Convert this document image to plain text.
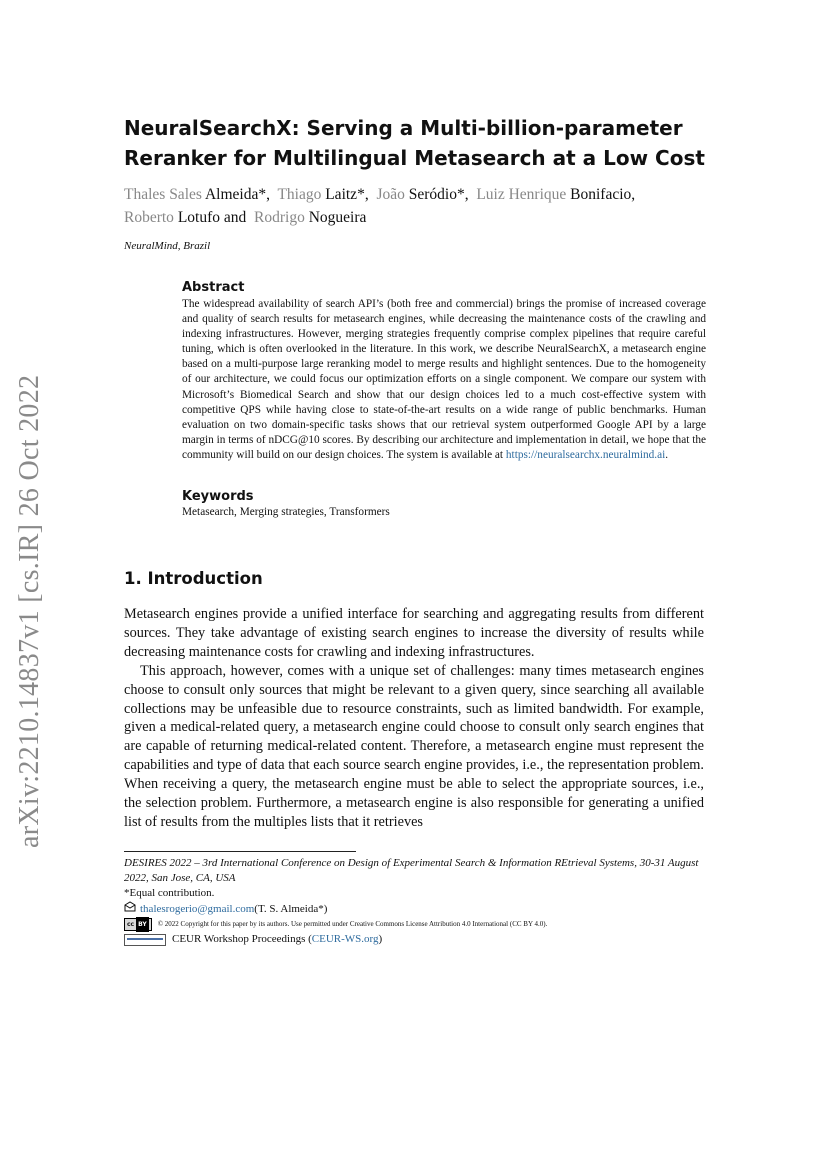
arXiv:2210.14837v1 [cs.IR] 26 Oct 2022
NeuralSearchX: Serving a Multi-billion-parameter
Reranker for Multilingual Metasearch at a Low Cost
Thales Sales Almeida*, Thiago Laitz*, João Seródio*, Luiz Henrique Bonifacio,
Roberto Lotufo and Rodrigo Nogueira
NeuralMind, Brazil
Abstract

The widespread availability of search API’s (both free and commercial) brings the promise of increased coverage and quality of search results for metasearch engines, while decreasing the maintenance costs of the crawling and indexing infrastructures. However, merging strategies frequently comprise complex pipelines that require careful tuning, which is often overlooked in the literature. In this work, we describe NeuralSearchX, a metasearch engine based on a multi-purpose large reranking model to merge results and highlight sentences. Due to the homogeneity of our architecture, we could focus our optimization efforts on a single component. We compare our system with Microsoft’s Biomedical Search and show that our design choices led to a much cost-effective system with competitive QPS while having close to state-of-the-art results on a wide range of public benchmarks. Human evaluation on two domain-specific tasks shows that our retrieval system outperformed Google API by a large margin in terms of nDCG@10 scores. By describing our architecture and implementation in detail, we hope that the community will build on our design choices. The system is available at https://neuralsearchx.neuralmind.ai.

Keywords

Metasearch, Merging strategies, Transformers

1. Introduction

Metasearch engines provide a unified interface for searching and aggregating results from different sources. They take advantage of existing search engines to increase the diversity of results while decreasing maintenance costs for crawling and indexing infrastructures.

This approach, however, comes with a unique set of challenges: many times metasearch engines choose to consult only sources that might be relevant to a given query, since searching all available collections may be unfeasible due to resource constraints, such as limited bandwidth. For example, given a medical-related query, a metasearch engine could choose to consult only search engines that are capable of returning medical-related content. Therefore, a metasearch engine must represent the capabilities and type of data that each source search engine provides, i.e., the representation problem. When receiving a query, the metasearch engine must be able to select the appropriate sources, i.e., the selection problem. Furthermore, a metasearch engine is also responsible for generating a unified list of results from the multiples lists that it retrieves

DESIRES 2022 – 3rd International Conference on Design of Experimental Search & Information REtrieval Systems, 30-31 August 2022, San Jose, CA, USA
*Equal contribution.
thalesrogerio@gmail.com (T. S. Almeida*)
cc BY © 2022 Copyright for this paper by its authors. Use permitted under Creative Commons License Attribution 4.0 International (CC BY 4.0).
CEUR Workshop Proceedings ( CEUR-WS.org )
